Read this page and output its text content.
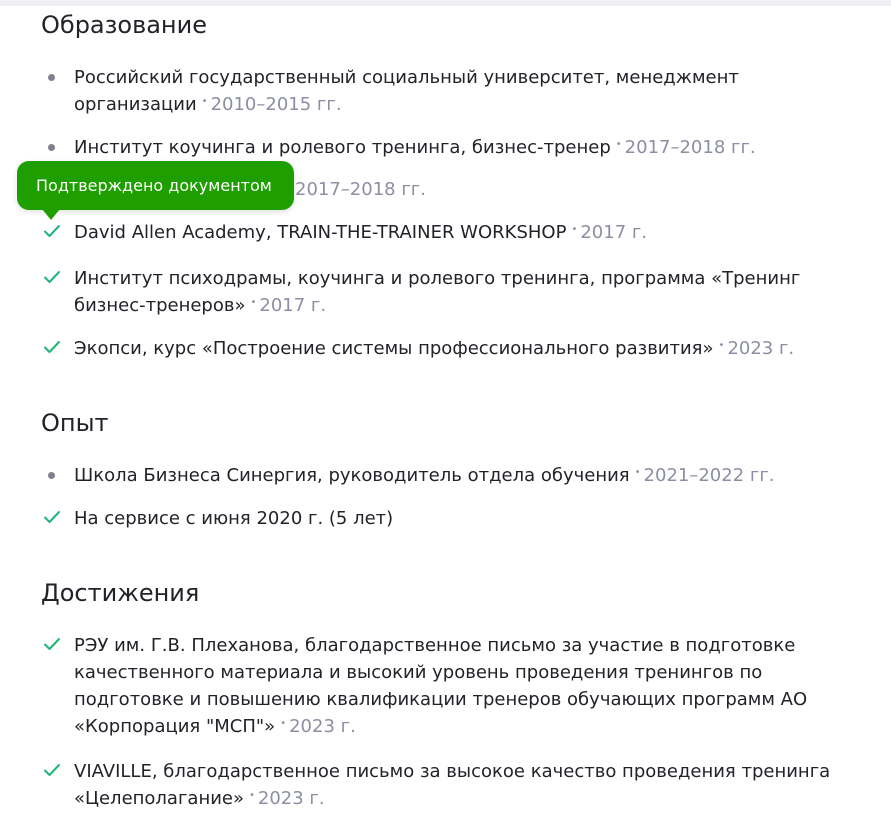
Образование

Российский государственный социальный университет, менеджмент организации • 2010–2015 гг.

Институт коучинга и ролевого тренинга, бизнес-тренер • 2017–2018 гг.

2017–2018 гг.

David Allen Academy, TRAIN-THE-TRAINER WORKSHOP • 2017 г.

Институт психодрамы, коучинга и ролевого тренинга, программа «Тренинг бизнес-тренеров» • 2017 г.

Экопси, курс «Построение системы профессионального развития» • 2023 г.

Опыт

Школа Бизнеса Синергия, руководитель отдела обучения • 2021–2022 гг.

На сервисе с июня 2020 г. (5 лет)

Достижения

РЭУ им. Г.В. Плеханова, благодарственное письмо за участие в подготовке качественного материала и высокий уровень проведения тренингов по подготовке и повышению квалификации тренеров обучающих программ АО «Корпорация "МСП"» • 2023 г.

VIAVILLE, благодарственное письмо за высокое качество проведения тренинга «Целеполагание» • 2023 г.

Подтверждено документом
